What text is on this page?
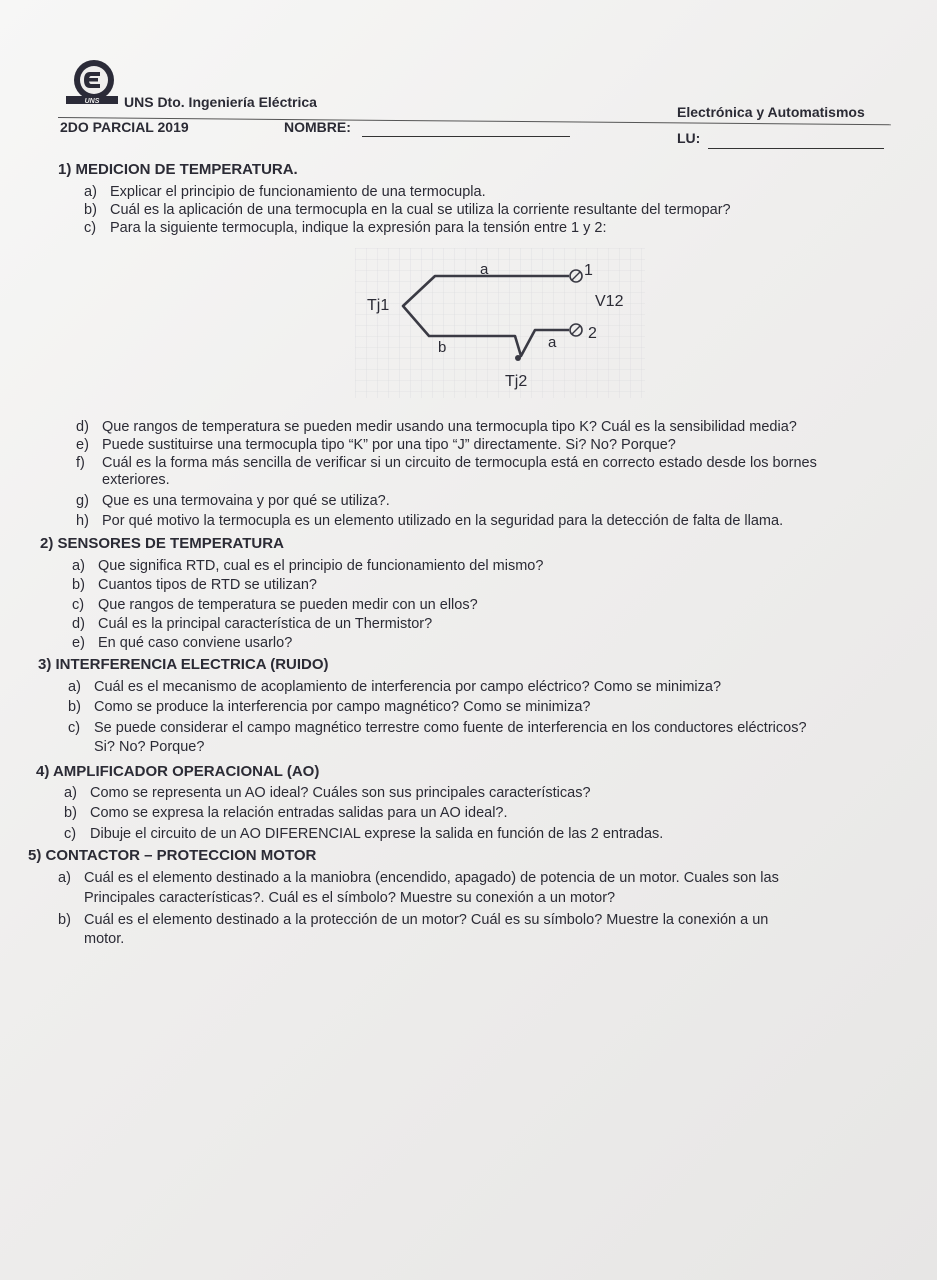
UNS UNS Dto. Ingeniería Eléctrica
Electrónica y Automatismos
2DO PARCIAL 2019	NOMBRE:
LU:
1) MEDICION DE TEMPERATURA.
a) Explicar el principio de funcionamiento de una termocupla.
b) Cuál es la aplicación de una termocupla en la cual se utiliza la corriente resultante del termopar?
c) Para la siguiente termocupla, indique la expresión para la tensión entre 1 y 2:
a	1
Tj1	V12
2
b	a
Tj2
d) Que rangos de temperatura se pueden medir usando una termocupla tipo K? Cuál es la sensibilidad media?
e) Puede sustituirse una termocupla tipo “K” por una tipo “J” directamente. Si? No? Porque?
f) Cuál es la forma más sencilla de verificar si un circuito de termocupla está en correcto estado desde los bornes
exteriores.
g) Que es una termovaina y por qué se utiliza?.
h) Por qué motivo la termocupla es un elemento utilizado en la seguridad para la detección de falta de llama.
2) SENSORES DE TEMPERATURA
a) Que significa RTD, cual es el principio de funcionamiento del mismo?
b) Cuantos tipos de RTD se utilizan?
c) Que rangos de temperatura se pueden medir con un ellos?
d) Cuál es la principal característica de un Thermistor?
e) En qué caso conviene usarlo?
3) INTERFERENCIA ELECTRICA (RUIDO)
a) Cuál es el mecanismo de acoplamiento de interferencia por campo eléctrico? Como se minimiza?
b) Como se produce la interferencia por campo magnético? Como se minimiza?
c) Se puede considerar el campo magnético terrestre como fuente de interferencia en los conductores eléctricos?
Si? No? Porque?
4) AMPLIFICADOR OPERACIONAL (AO)
a) Como se representa un AO ideal? Cuáles son sus principales características?
b) Como se expresa la relación entradas salidas para un AO ideal?.
c) Dibuje el circuito de un AO DIFERENCIAL exprese la salida en función de las 2 entradas.
5) CONTACTOR – PROTECCION MOTOR
a) Cuál es el elemento destinado a la maniobra (encendido, apagado) de potencia de un motor. Cuales son las
Principales características?. Cuál es el símbolo? Muestre su conexión a un motor?
b) Cuál es el elemento destinado a la protección de un motor? Cuál es su símbolo? Muestre la conexión a un
motor.
